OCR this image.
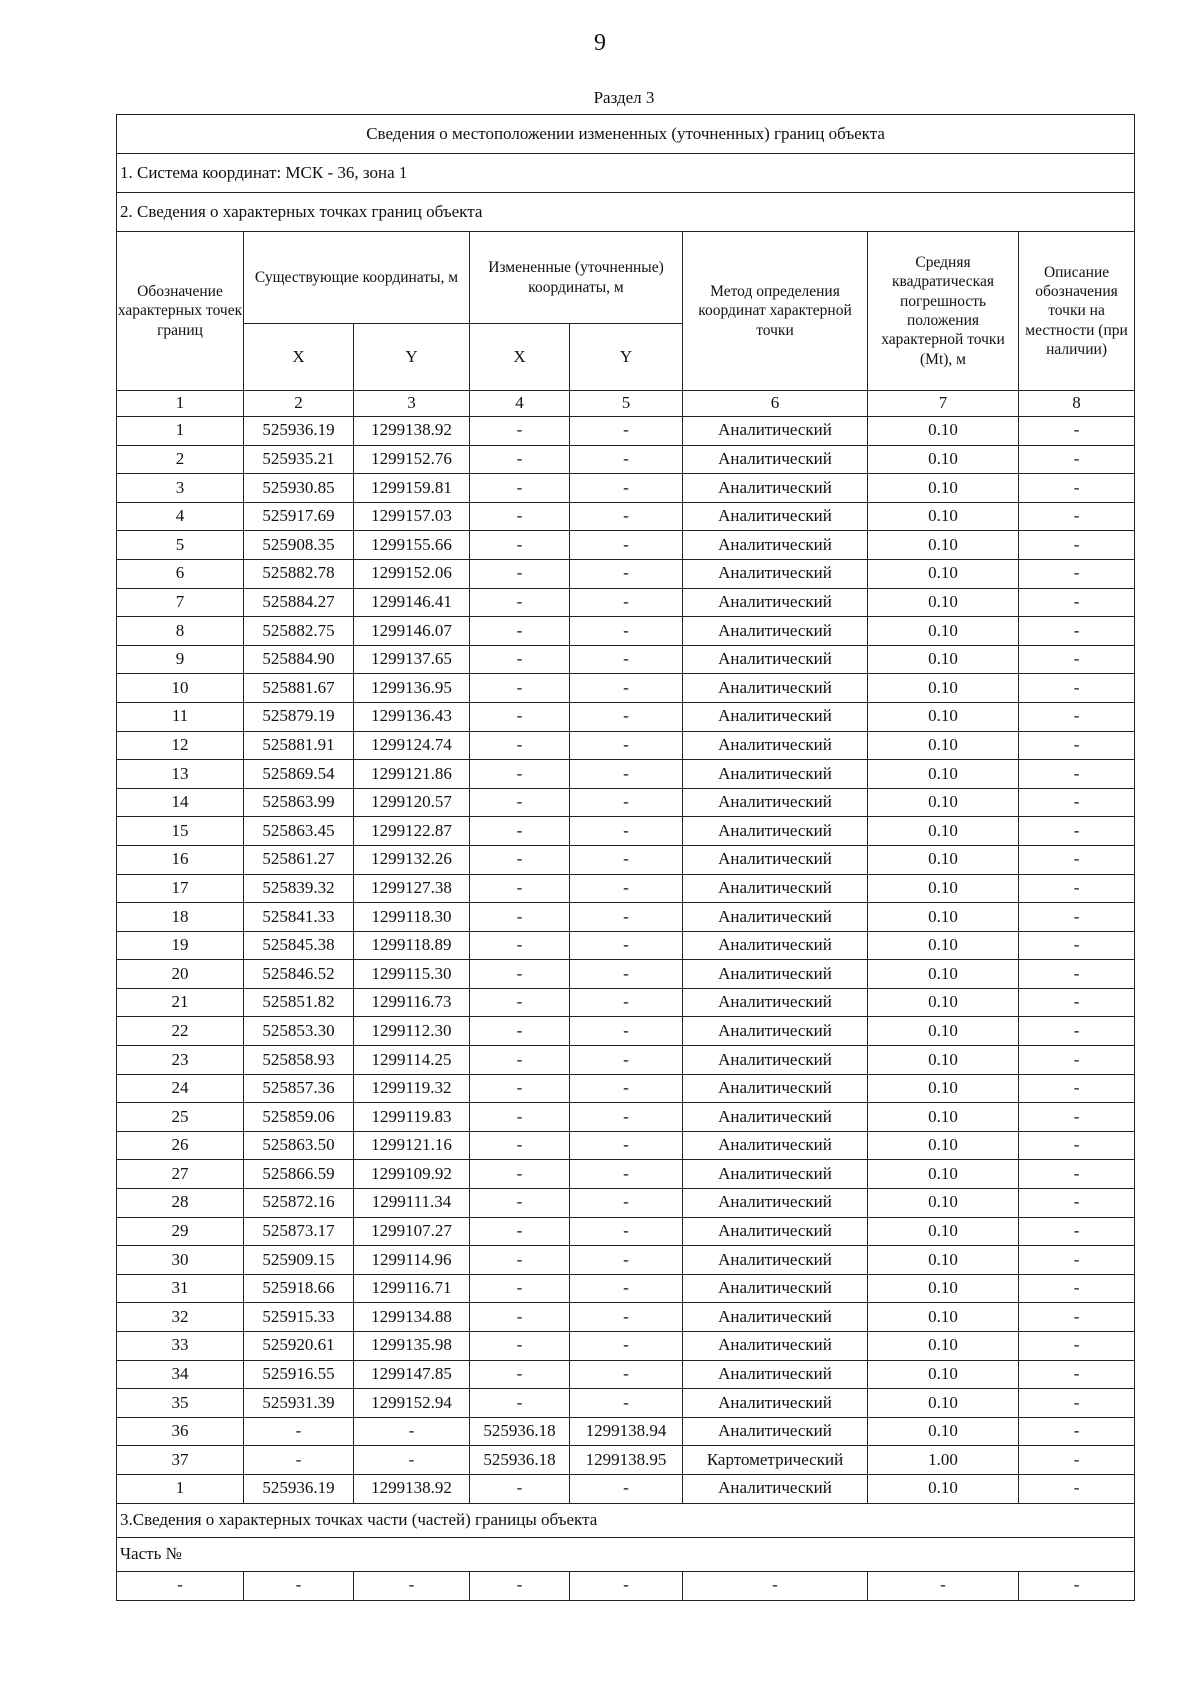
9
Раздел 3
Сведения о местоположении измененных (уточненных) границ объекта							
1. Система координат: МСК - 36, зона 1							
2. Сведения о характерных точках границ объекта							
Обозначение характерных точек границ	Существующие координаты, м		Измененные (уточненные) координаты, м		Метод определения координат характерной точки	Средняя квадратическая погрешность положения характерной точки (Mt), м	Описание обозначения точки на местности (при наличии)
	X	Y	X	Y			
1	2	3	4	5	6	7	8
1	525936.19	1299138.92	-	-	Аналитический	0.10	-
2	525935.21	1299152.76	-	-	Аналитический	0.10	-
3	525930.85	1299159.81	-	-	Аналитический	0.10	-
4	525917.69	1299157.03	-	-	Аналитический	0.10	-
5	525908.35	1299155.66	-	-	Аналитический	0.10	-
6	525882.78	1299152.06	-	-	Аналитический	0.10	-
7	525884.27	1299146.41	-	-	Аналитический	0.10	-
8	525882.75	1299146.07	-	-	Аналитический	0.10	-
9	525884.90	1299137.65	-	-	Аналитический	0.10	-
10	525881.67	1299136.95	-	-	Аналитический	0.10	-
11	525879.19	1299136.43	-	-	Аналитический	0.10	-
12	525881.91	1299124.74	-	-	Аналитический	0.10	-
13	525869.54	1299121.86	-	-	Аналитический	0.10	-
14	525863.99	1299120.57	-	-	Аналитический	0.10	-
15	525863.45	1299122.87	-	-	Аналитический	0.10	-
16	525861.27	1299132.26	-	-	Аналитический	0.10	-
17	525839.32	1299127.38	-	-	Аналитический	0.10	-
18	525841.33	1299118.30	-	-	Аналитический	0.10	-
19	525845.38	1299118.89	-	-	Аналитический	0.10	-
20	525846.52	1299115.30	-	-	Аналитический	0.10	-
21	525851.82	1299116.73	-	-	Аналитический	0.10	-
22	525853.30	1299112.30	-	-	Аналитический	0.10	-
23	525858.93	1299114.25	-	-	Аналитический	0.10	-
24	525857.36	1299119.32	-	-	Аналитический	0.10	-
25	525859.06	1299119.83	-	-	Аналитический	0.10	-
26	525863.50	1299121.16	-	-	Аналитический	0.10	-
27	525866.59	1299109.92	-	-	Аналитический	0.10	-
28	525872.16	1299111.34	-	-	Аналитический	0.10	-
29	525873.17	1299107.27	-	-	Аналитический	0.10	-
30	525909.15	1299114.96	-	-	Аналитический	0.10	-
31	525918.66	1299116.71	-	-	Аналитический	0.10	-
32	525915.33	1299134.88	-	-	Аналитический	0.10	-
33	525920.61	1299135.98	-	-	Аналитический	0.10	-
34	525916.55	1299147.85	-	-	Аналитический	0.10	-
35	525931.39	1299152.94	-	-	Аналитический	0.10	-
36	-	-	525936.18	1299138.94	Аналитический	0.10	-
37	-	-	525936.18	1299138.95	Картометрический	1.00	-
1	525936.19	1299138.92	-	-	Аналитический	0.10	-
3.Сведения о характерных точках части (частей) границы объекта							
Часть №							
-	-	-	-	-	-	-	-
